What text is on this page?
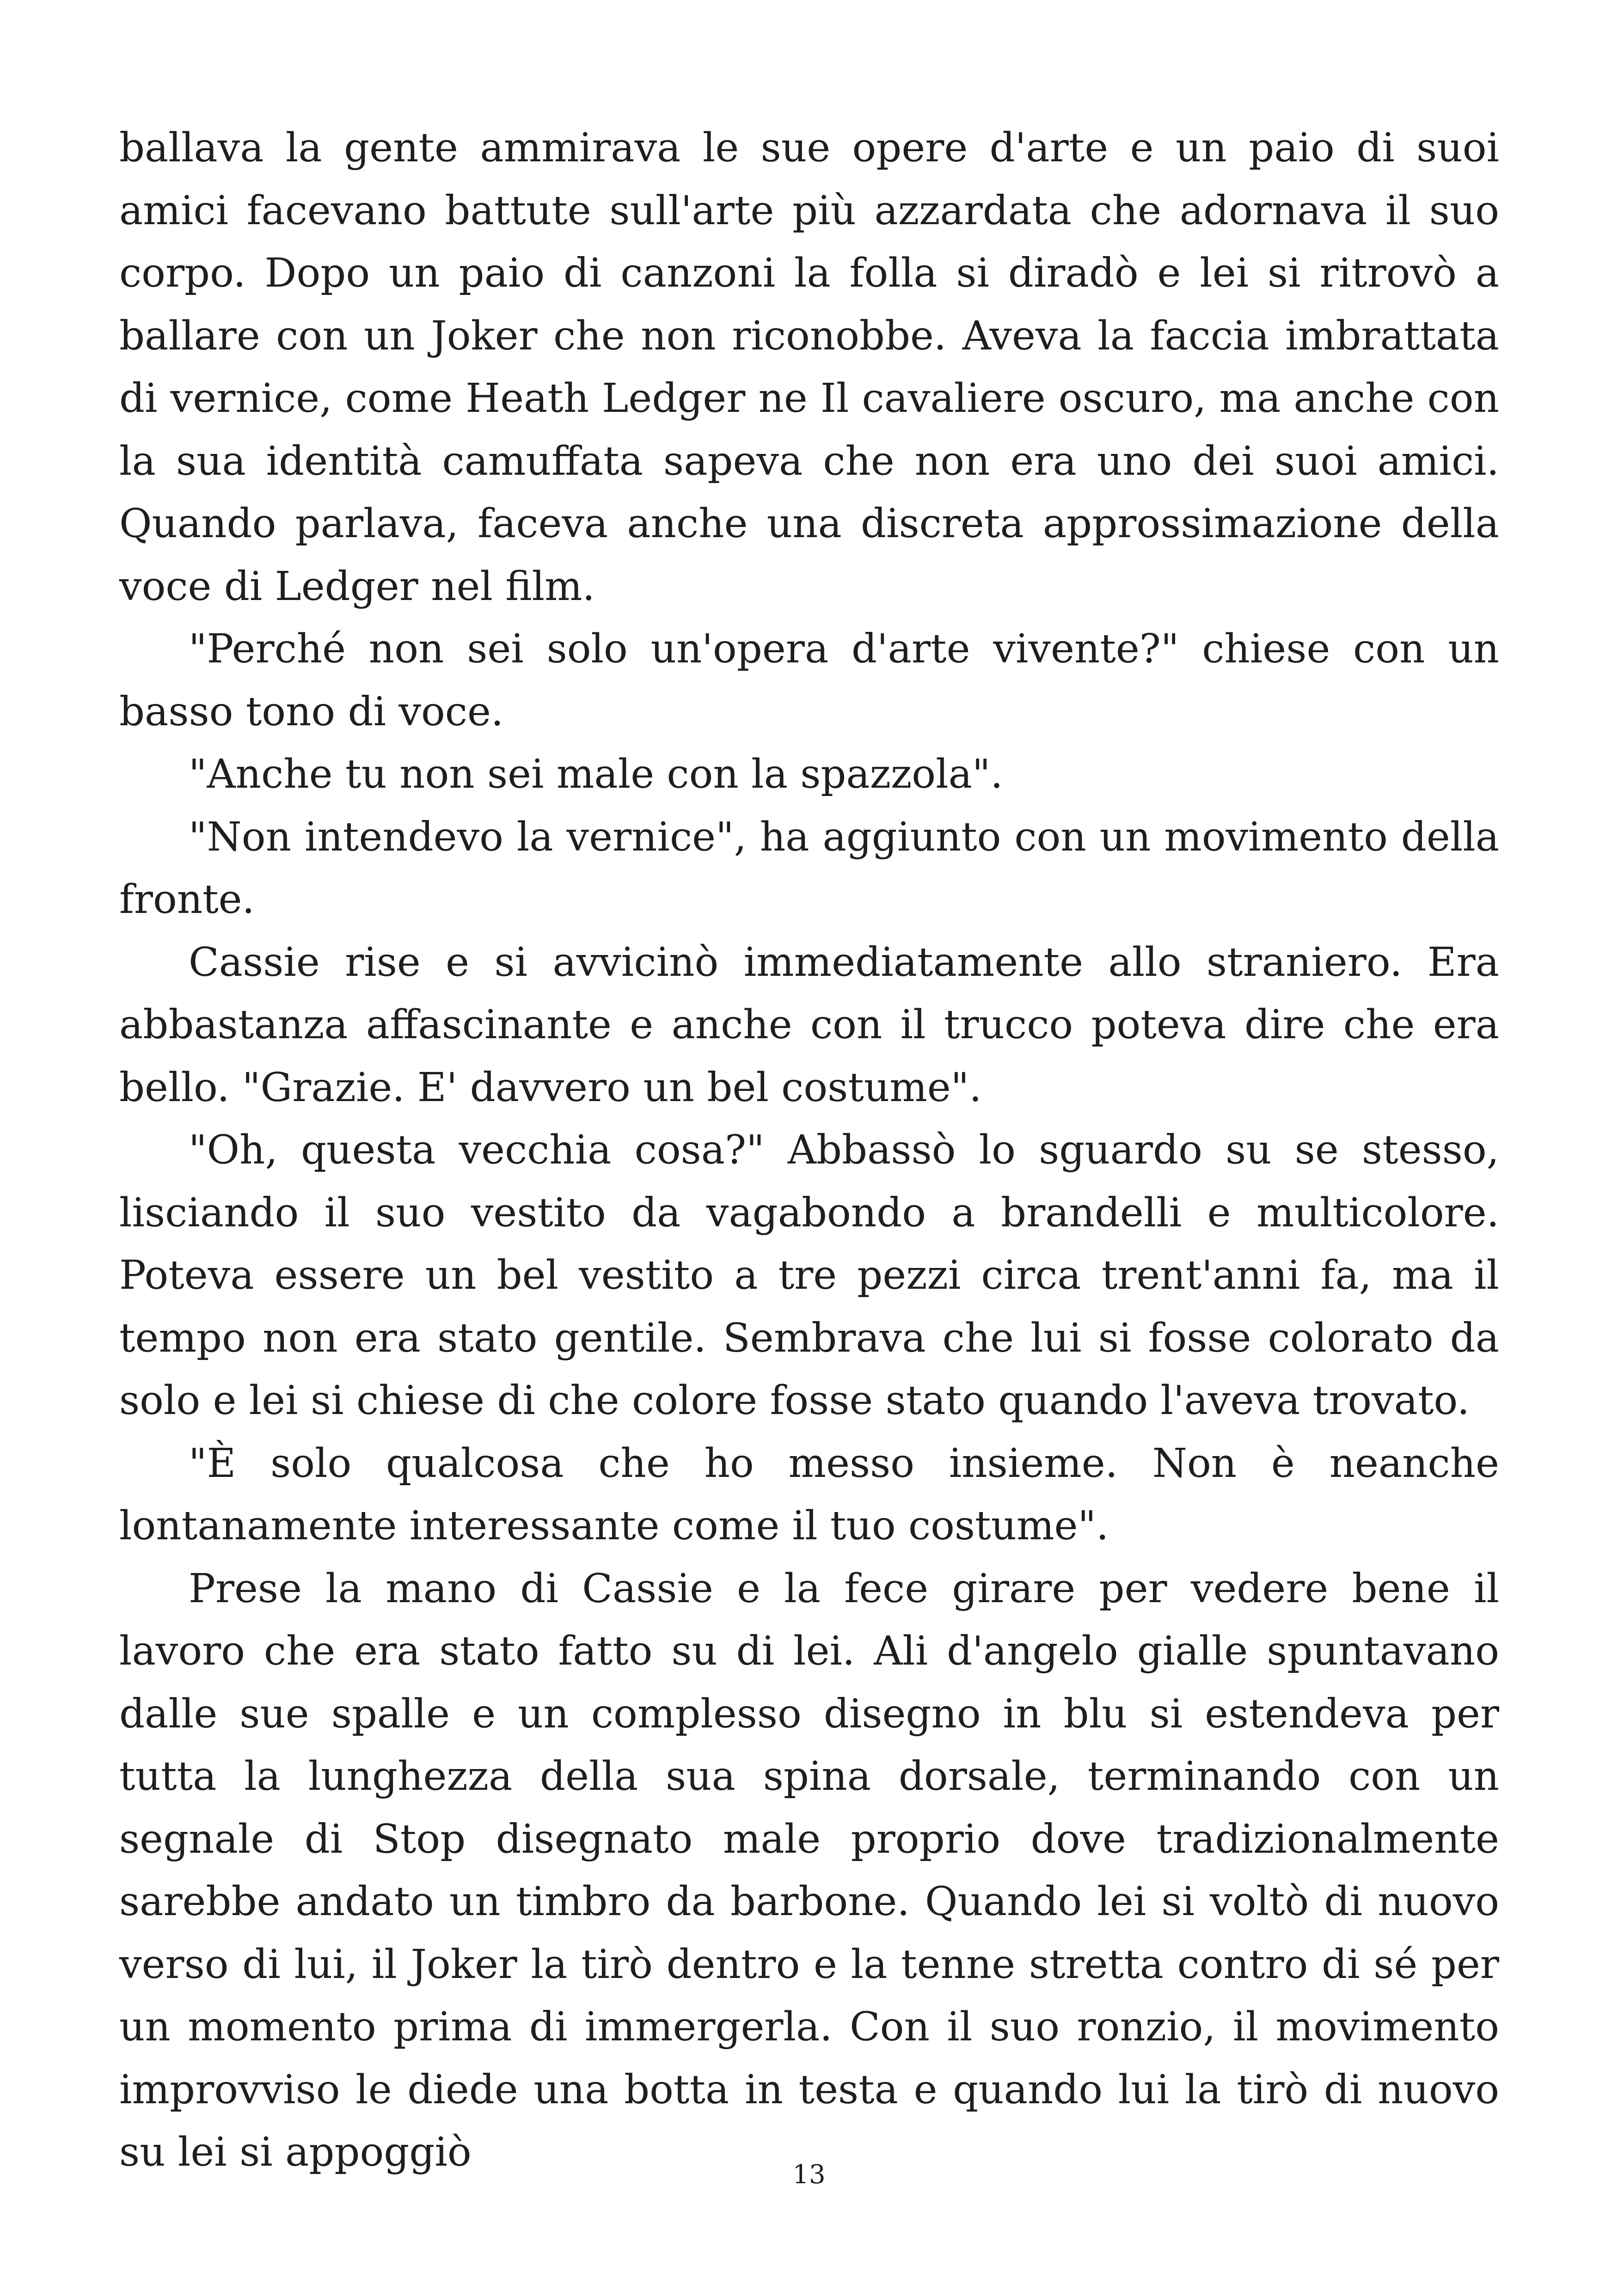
ballava la gente ammirava le sue opere d'arte e un paio di suoi amici facevano battute sull'arte più azzardata che adornava il suo corpo. Dopo un paio di canzoni la folla si diradò e lei si ritrovò a ballare con un Joker che non riconobbe. Aveva la faccia imbrattata di vernice, come Heath Ledger ne Il cavaliere oscuro, ma anche con la sua identità camuffata sapeva che non era uno dei suoi amici. Quando parlava, faceva anche una discreta approssimazione della voce di Ledger nel film.

"Perché non sei solo un'opera d'arte vivente?" chiese con un basso tono di voce.

"Anche tu non sei male con la spazzola".

"Non intendevo la vernice", ha aggiunto con un movimento della fronte.

Cassie rise e si avvicinò immediatamente allo straniero. Era abbastanza affascinante e anche con il trucco poteva dire che era bello. "Grazie. E' davvero un bel costume".

"Oh, questa vecchia cosa?" Abbassò lo sguardo su se stesso, lisciando il suo vestito da vagabondo a brandelli e multicolore. Poteva essere un bel vestito a tre pezzi circa trent'anni fa, ma il tempo non era stato gentile. Sembrava che lui si fosse colorato da solo e lei si chiese di che colore fosse stato quando l'aveva trovato.

"È solo qualcosa che ho messo insieme. Non è neanche lontanamente interessante come il tuo costume".

Prese la mano di Cassie e la fece girare per vedere bene il lavoro che era stato fatto su di lei. Ali d'angelo gialle spuntavano dalle sue spalle e un complesso disegno in blu si estendeva per tutta la lunghezza della sua spina dorsale, terminando con un segnale di Stop disegnato male proprio dove tradizionalmente sarebbe andato un timbro da barbone. Quando lei si voltò di nuovo verso di lui, il Joker la tirò dentro e la tenne stretta contro di sé per un momento prima di immergerla. Con il suo ronzio, il movimento improvviso le diede una botta in testa e quando lui la tirò di nuovo su lei si appoggiò	13
